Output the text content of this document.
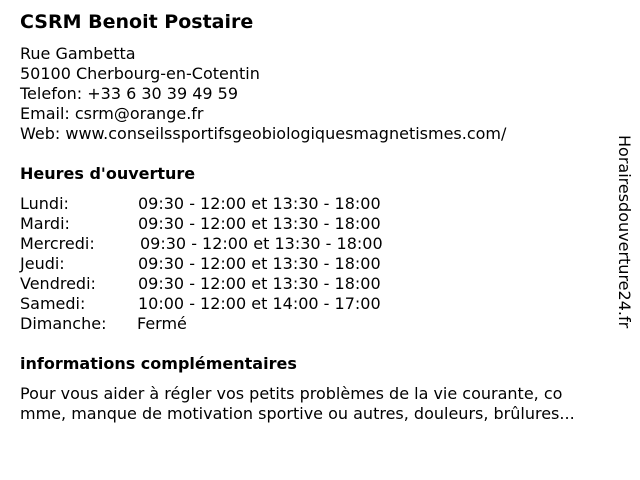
CSRM Benoit Postaire
Rue Gambetta
50100 Cherbourg-en-Cotentin
Telefon: +33 6 30 39 49 59
Email: csrm@orange.fr
Web: www.conseilssportifsgeobiologiquesmagnetismes.com/
Heures d'ouverture
Lundi:	09:30 - 12:00 et 13:30 - 18:00
Mardi:	09:30 - 12:00 et 13:30 - 18:00
Mercredi:	09:30 - 12:00 et 13:30 - 18:00
Jeudi:	09:30 - 12:00 et 13:30 - 18:00
Vendredi:	09:30 - 12:00 et 13:30 - 18:00
Samedi:	10:00 - 12:00 et 14:00 - 17:00
Dimanche: Fermé
informations complémentaires
Pour vous aider à régler vos petits problèmes de la vie courante, co
mme, manque de motivation sportive ou autres, douleurs, brûlures...
Horairesdouverture24.fr
